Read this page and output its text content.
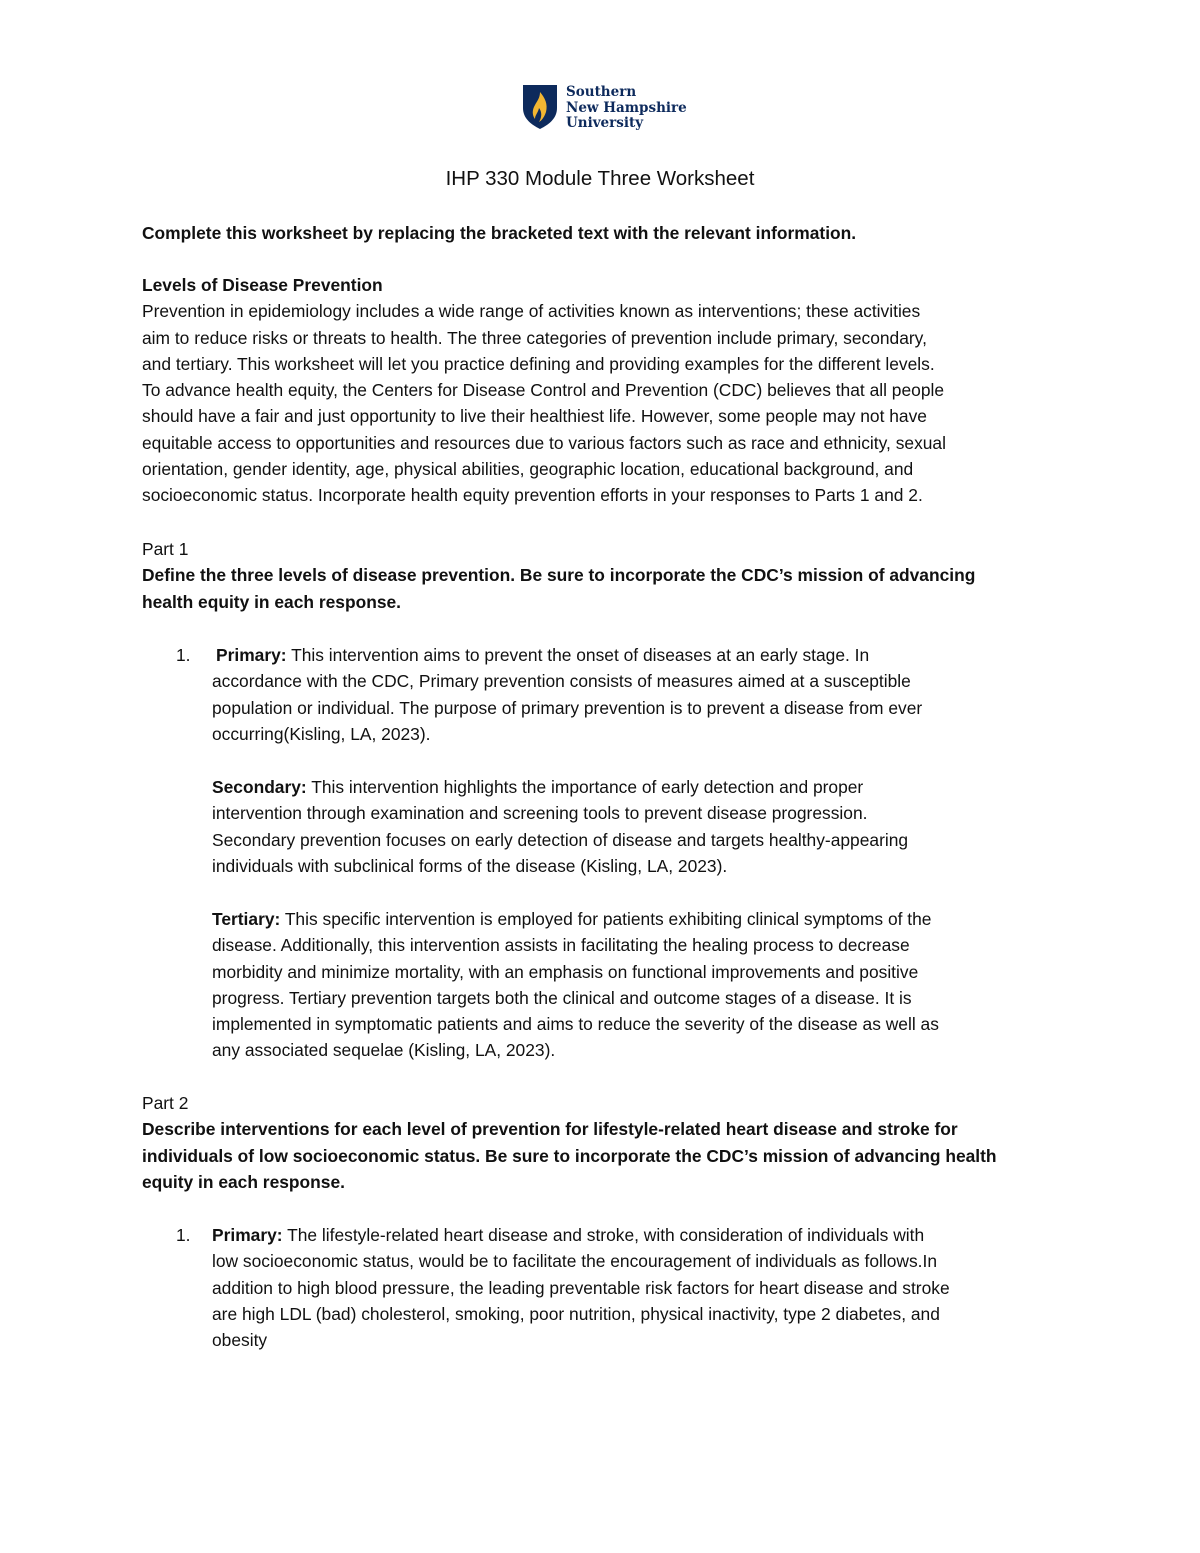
Southern
New Hampshire
University
IHP 330 Module Three Worksheet
Complete this worksheet by replacing the bracketed text with the relevant information.
Levels of Disease Prevention
Prevention in epidemiology includes a wide range of activities known as interventions; these activities
aim to reduce risks or threats to health. The three categories of prevention include primary, secondary,
and tertiary. This worksheet will let you practice defining and providing examples for the different levels.
To advance health equity, the Centers for Disease Control and Prevention (CDC) believes that all people
should have a fair and just opportunity to live their healthiest life. However, some people may not have
equitable access to opportunities and resources due to various factors such as race and ethnicity, sexual
orientation, gender identity, age, physical abilities, geographic location, educational background, and
socioeconomic status. Incorporate health equity prevention efforts in your responses to Parts 1 and 2.
Part 1
Define the three levels of disease prevention. Be sure to incorporate the CDC’s mission of advancing
health equity in each response.
1. Primary: This intervention aims to prevent the onset of diseases at an early stage. In
accordance with the CDC, Primary prevention consists of measures aimed at a susceptible
population or individual. The purpose of primary prevention is to prevent a disease from ever
occurring(Kisling, LA, 2023).
Secondary: This intervention highlights the importance of early detection and proper
intervention through examination and screening tools to prevent disease progression.
Secondary prevention focuses on early detection of disease and targets healthy-appearing
individuals with subclinical forms of the disease (Kisling, LA, 2023).
Tertiary: This specific intervention is employed for patients exhibiting clinical symptoms of the
disease. Additionally, this intervention assists in facilitating the healing process to decrease
morbidity and minimize mortality, with an emphasis on functional improvements and positive
progress. Tertiary prevention targets both the clinical and outcome stages of a disease. It is
implemented in symptomatic patients and aims to reduce the severity of the disease as well as
any associated sequelae (Kisling, LA, 2023).
Part 2
Describe interventions for each level of prevention for lifestyle-related heart disease and stroke for
individuals of low socioeconomic status. Be sure to incorporate the CDC’s mission of advancing health
equity in each response.
1. Primary: The lifestyle-related heart disease and stroke, with consideration of individuals with
low socioeconomic status, would be to facilitate the encouragement of individuals as follows.In
addition to high blood pressure, the leading preventable risk factors for heart disease and stroke
are high LDL (bad) cholesterol, smoking, poor nutrition, physical inactivity, type 2 diabetes, and
obesity
